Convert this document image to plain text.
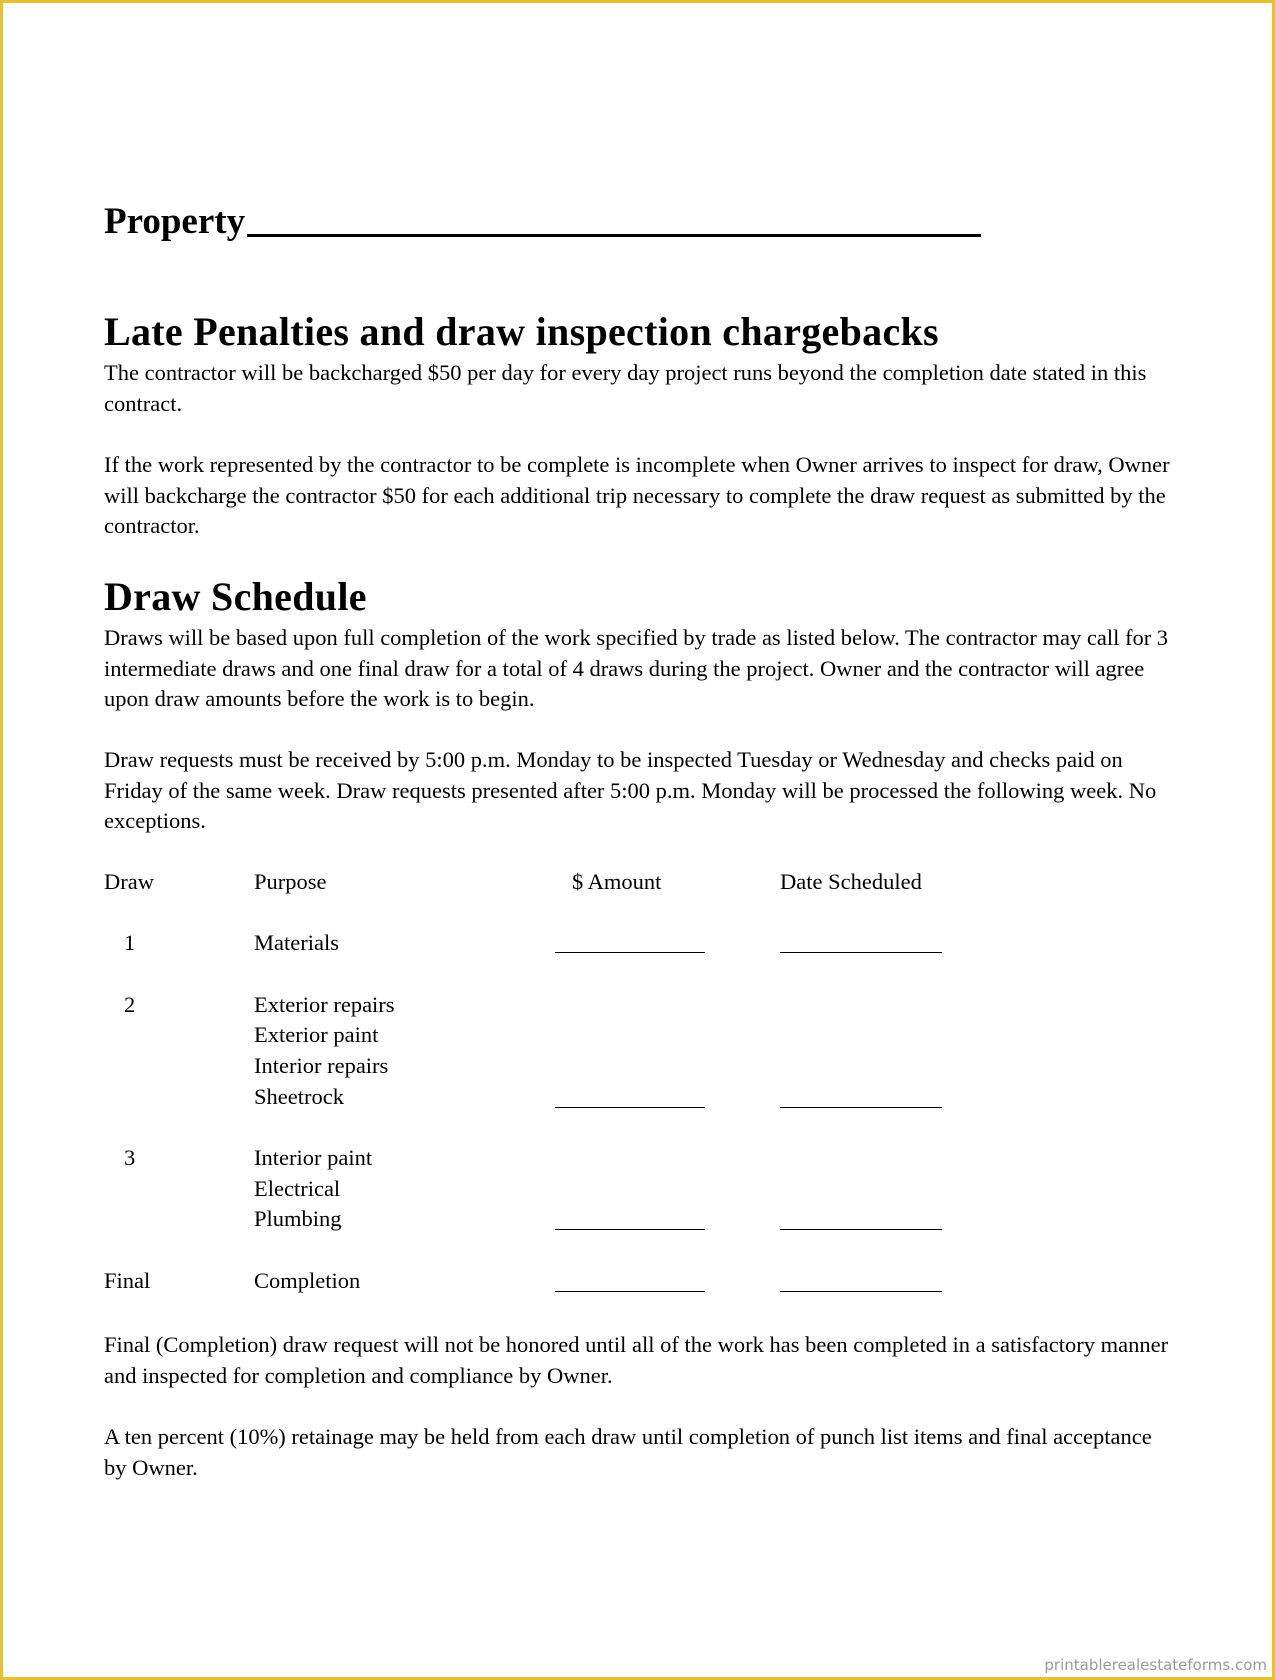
Property
Late Penalties and draw inspection chargebacks

The contractor will be backcharged $50 per day for every day project runs beyond the completion date stated in this contract.

If the work represented by the contractor to be complete is incomplete when Owner arrives to inspect for draw, Owner will backcharge the contractor $50 for each additional trip necessary to complete the draw request as submitted by the contractor.

Draw Schedule

Draws will be based upon full completion of the work specified by trade as listed below. The contractor may call for 3 intermediate draws and one final draw for a total of 4 draws during the project. Owner and the contractor will agree upon draw amounts before the work is to begin.

Draw requests must be received by 5:00 p.m. Monday to be inspected Tuesday or Wednesday and checks paid on Friday of the same week. Draw requests presented after 5:00 p.m. Monday will be processed the following week. No exceptions.

Draw	Purpose	$ Amount	Date Scheduled
1	Materials
2	Exterior repairs
Exterior paint
Interior repairs
Sheetrock
3	Interior paint
Electrical
Plumbing
Final	Completion

Final (Completion) draw request will not be honored until all of the work has been completed in a satisfactory manner and inspected for completion and compliance by Owner.

A ten percent (10%) retainage may be held from each draw until completion of punch list items and final acceptance by Owner.

printablerealestateforms.com
